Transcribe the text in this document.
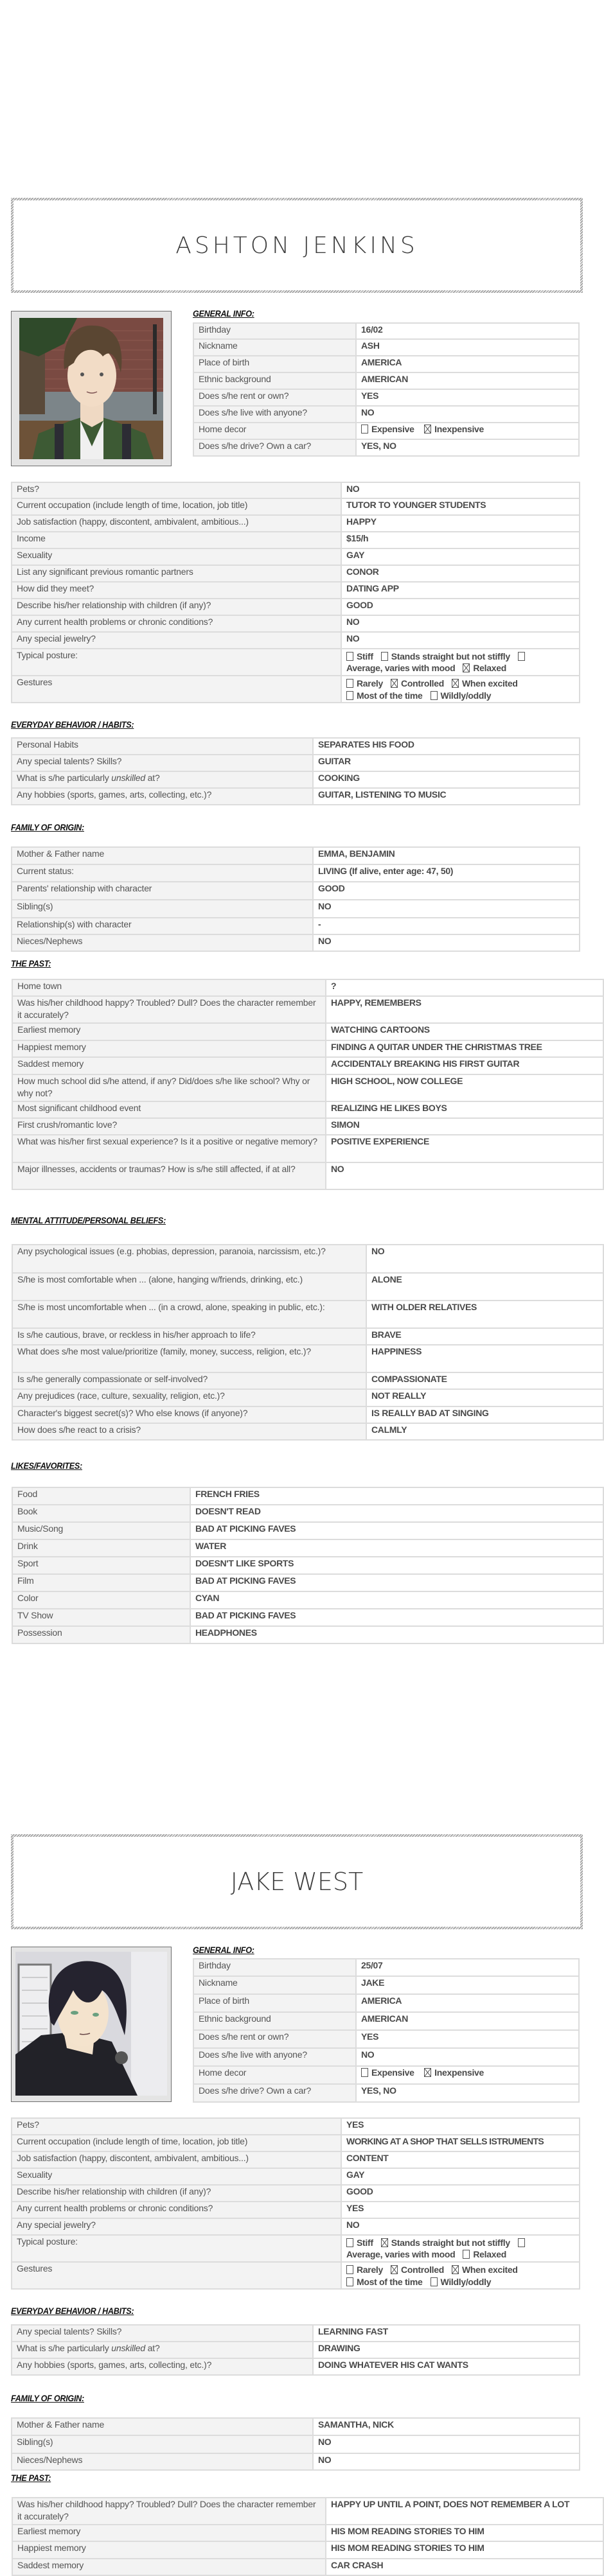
ASHTON JENKINS
GENERAL INFO:
Birthday	16/02
Nickname	ASH
Place of birth	AMERICA
Ethnic background	AMERICAN
Does s/he rent or own?	YES
Does s/he live with anyone?	NO
Home decor	Expensive Inexpensive
Does s/he drive? Own a car?	YES, NO
Pets?	NO
Current occupation (include length of time, location, job title)	TUTOR TO YOUNGER STUDENTS
Job satisfaction (happy, discontent, ambivalent, ambitious...)	HAPPY
Income	$15/h
Sexuality	GAY
List any significant previous romantic partners	CONOR
How did they meet?	DATING APP
Describe his/her relationship with children (if any)?	GOOD
Any current health problems or chronic conditions?	NO
Any special jewelry?	NO
Typical posture:	Stiff Stands straight but not stiffly
Average, varies with mood Relaxed
Gestures	Rarely Controlled When excited
Most of the time Wildly/oddly
EVERYDAY BEHAVIOR / HABITS:
Personal Habits	SEPARATES HIS FOOD
Any special talents? Skills?	GUITAR
What is s/he particularly unskilled at?	COOKING
Any hobbies (sports, games, arts, collecting, etc.)?	GUITAR, LISTENING TO MUSIC
FAMILY OF ORIGIN:
Mother & Father name	EMMA, BENJAMIN
Current status:	LIVING (If alive, enter age: 47, 50)
Parents' relationship with character	GOOD
Sibling(s)	NO
Relationship(s) with character	-
Nieces/Nephews	NO
THE PAST:
Home town	?
Was his/her childhood happy? Troubled? Dull? Does the character remember it accurately?	HAPPY, REMEMBERS
Earliest memory	WATCHING CARTOONS
Happiest memory	FINDING A QUITAR UNDER THE CHRISTMAS TREE
Saddest memory	ACCIDENTALY BREAKING HIS FIRST GUITAR
How much school did s/he attend, if any? Did/does s/he like school? Why or why not?	HIGH SCHOOL, NOW COLLEGE
Most significant childhood event	REALIZING HE LIKES BOYS
First crush/romantic love?	SIMON
What was his/her first sexual experience? Is it a positive or negative memory?	POSITIVE EXPERIENCE
Major illnesses, accidents or traumas? How is s/he still affected, if at all?	NO
MENTAL ATTITUDE/PERSONAL BELIEFS:
Any psychological issues (e.g. phobias, depression, paranoia, narcissism, etc.)?	NO
S/he is most comfortable when ... (alone, hanging w/friends, drinking, etc.)	ALONE
S/he is most uncomfortable when ... (in a crowd, alone, speaking in public, etc.):	WITH OLDER RELATIVES
Is s/he cautious, brave, or reckless in his/her approach to life?	BRAVE
What does s/he most value/prioritize (family, money, success, religion, etc.)?	HAPPINESS
Is s/he generally compassionate or self-involved?	COMPASSIONATE
Any prejudices (race, culture, sexuality, religion, etc.)?	NOT REALLY
Character's biggest secret(s)? Who else knows (if anyone)?	IS REALLY BAD AT SINGING
How does s/he react to a crisis?	CALMLY
LIKES/FAVORITES:
Food	FRENCH FRIES
Book	DOESN'T READ
Music/Song	BAD AT PICKING FAVES
Drink	WATER
Sport	DOESN'T LIKE SPORTS
Film	BAD AT PICKING FAVES
Color	CYAN
TV Show	BAD AT PICKING FAVES
Possession	HEADPHONES
JAKE WEST
GENERAL INFO:
Birthday	25/07
Nickname	JAKE
Place of birth	AMERICA
Ethnic background	AMERICAN
Does s/he rent or own?	YES
Does s/he live with anyone?	NO
Home decor	Expensive Inexpensive
Does s/he drive? Own a car?	YES, NO
Pets?	YES
Current occupation (include length of time, location, job title)	WORKING AT A SHOP THAT SELLS ISTRUMENTS
Job satisfaction (happy, discontent, ambivalent, ambitious...)	CONTENT
Sexuality	GAY
Describe his/her relationship with children (if any)?	GOOD
Any current health problems or chronic conditions?	YES
Any special jewelry?	NO
Typical posture:	Stiff Stands straight but not stiffly
Average, varies with mood Relaxed
Gestures	Rarely Controlled When excited
Most of the time Wildly/oddly
EVERYDAY BEHAVIOR / HABITS:
Any special talents? Skills?	LEARNING FAST
What is s/he particularly unskilled at?	DRAWING
Any hobbies (sports, games, arts, collecting, etc.)?	DOING WHATEVER HIS CAT WANTS
FAMILY OF ORIGIN:
Mother & Father name	SAMANTHA, NICK
Sibling(s)	NO
Nieces/Nephews	NO
THE PAST:
Was his/her childhood happy? Troubled? Dull? Does the character remember it accurately?	HAPPY UP UNTIL A POINT, DOES NOT REMEMBER A LOT
Earliest memory	HIS MOM READING STORIES TO HIM
Happiest memory	HIS MOM READING STORIES TO HIM
Saddest memory	CAR CRASH
